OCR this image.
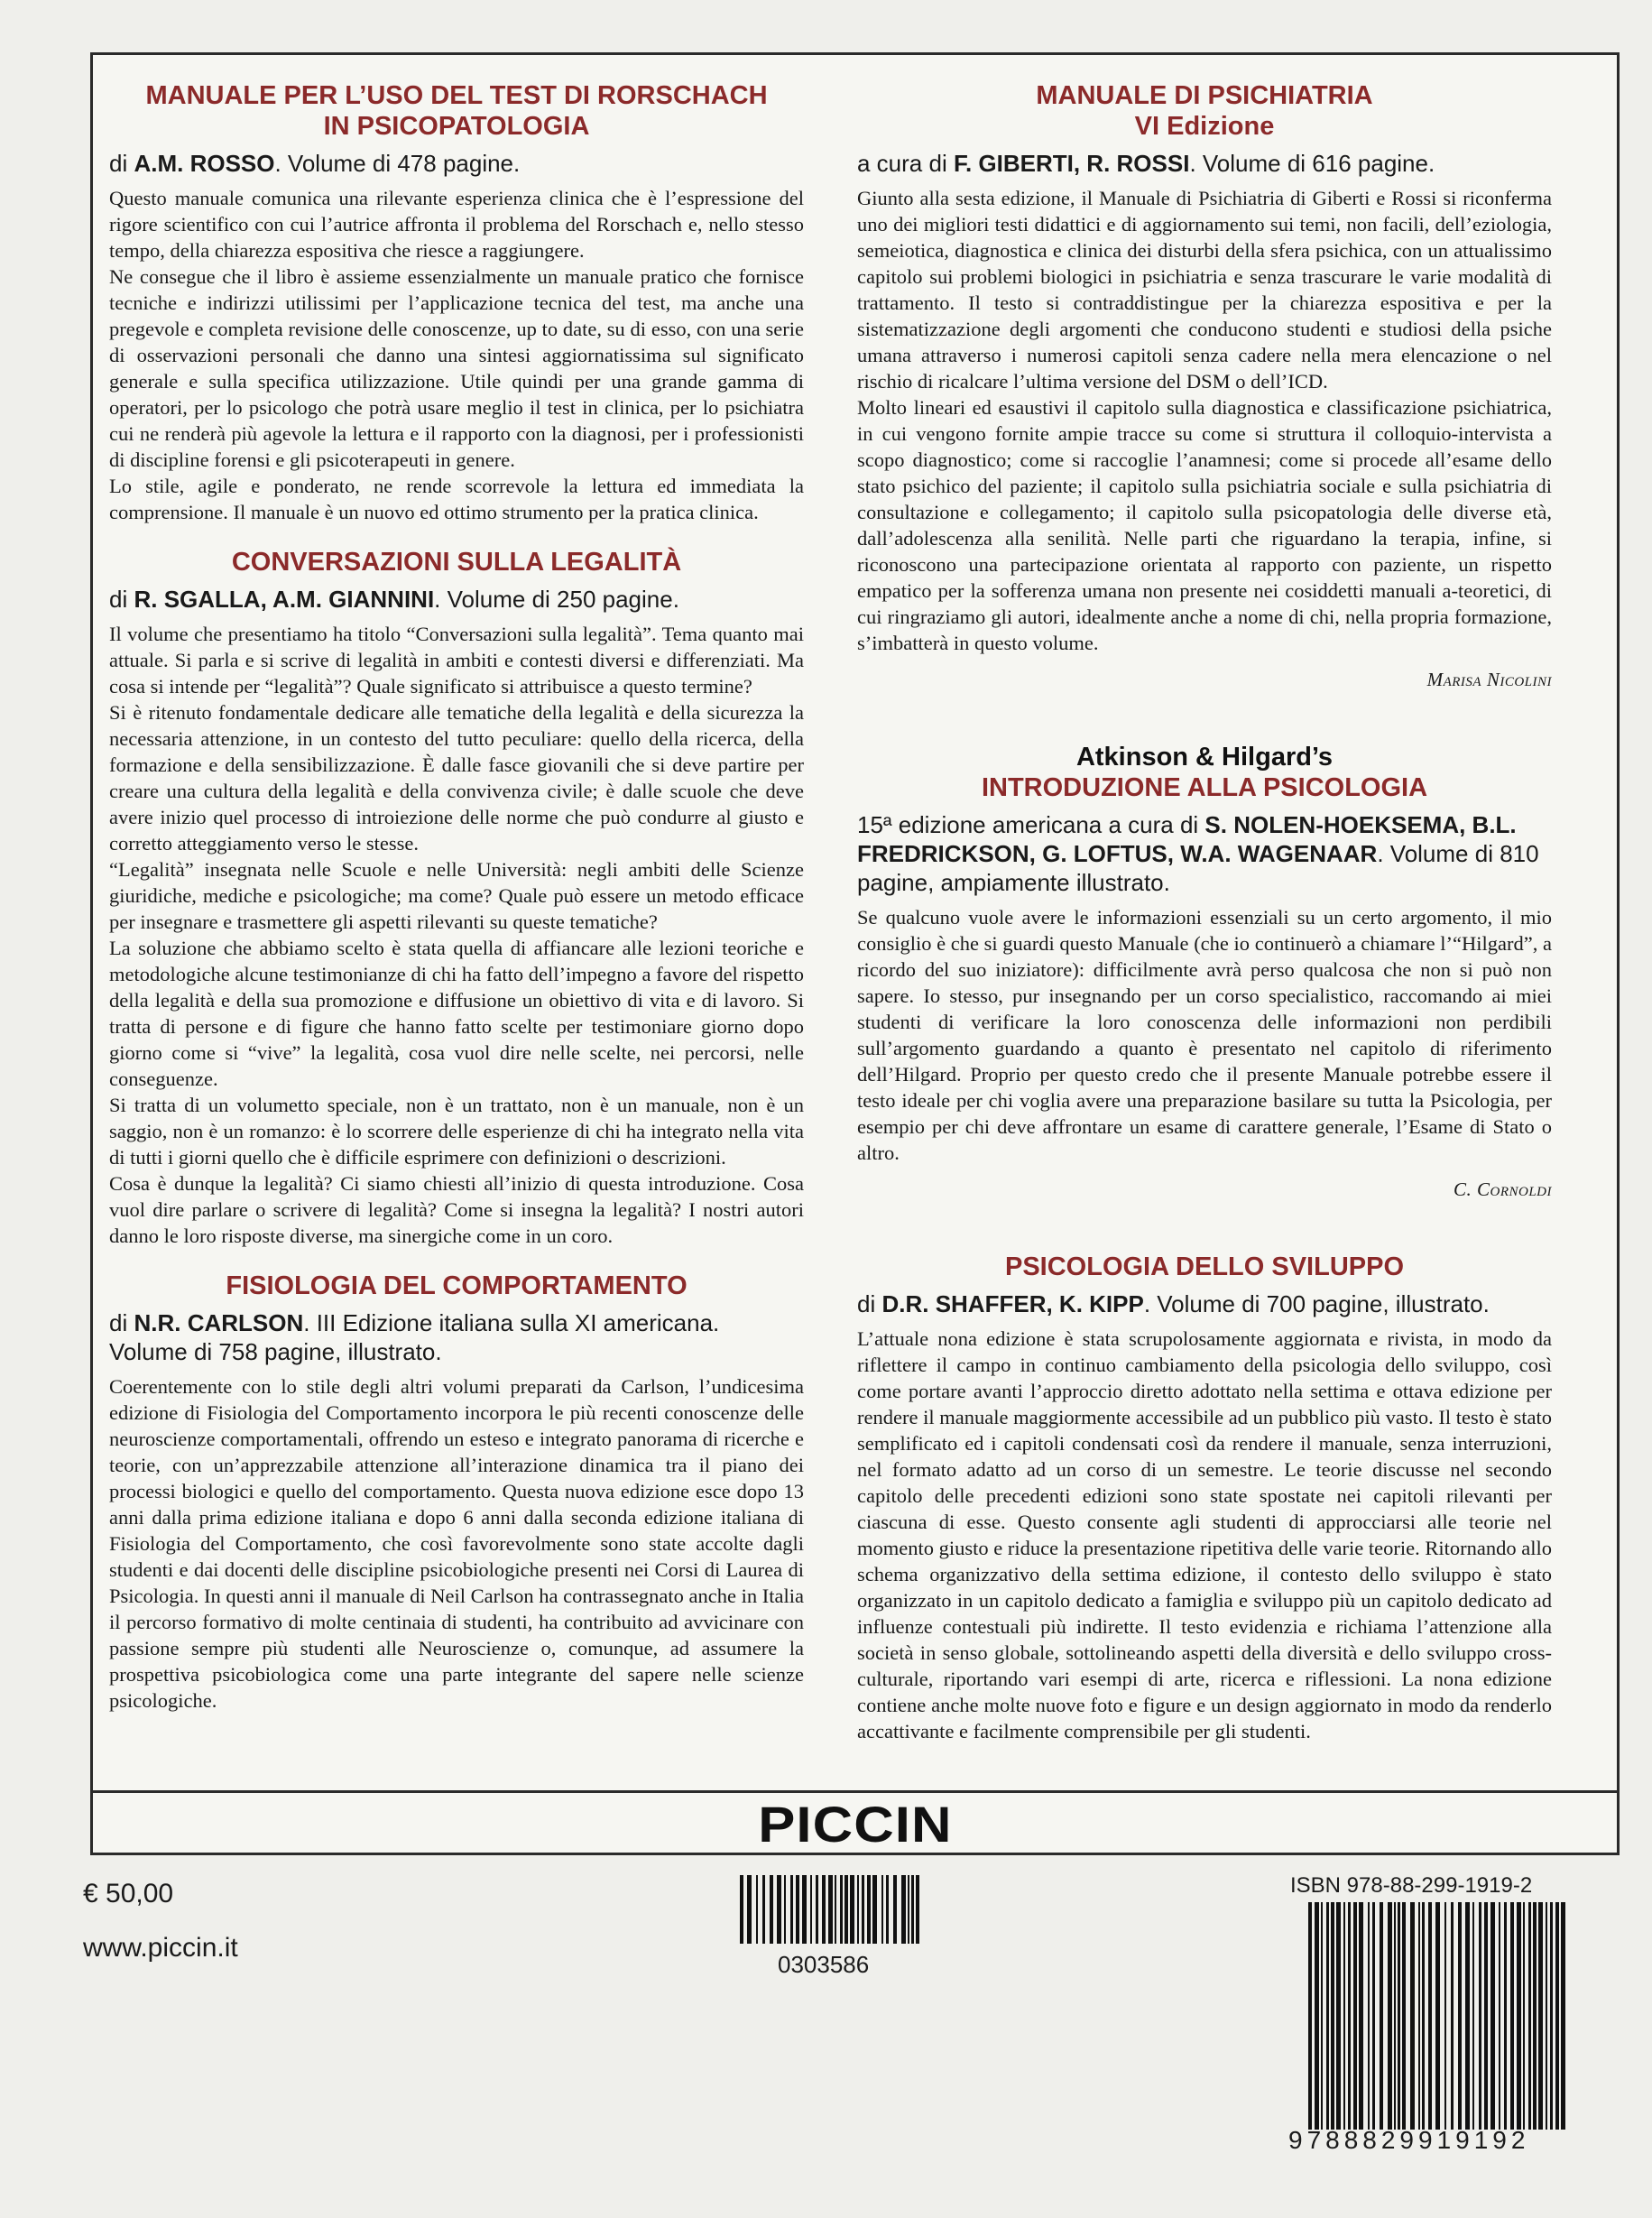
MANUALE PER L’USO DEL TEST DI RORSCHACH
IN PSICOPATOLOGIA
di A.M. ROSSO. Volume di 478 pagine.

Questo manuale comunica una rilevante esperienza clinica che è l’espressione del rigore scientifico con cui l’autrice affronta il problema del Rorschach e, nello stesso tempo, della chiarezza espositiva che riesce a raggiungere.

Ne consegue che il libro è assieme essenzialmente un manuale pratico che fornisce tecniche e indirizzi utilissimi per l’applicazione tecnica del test, ma anche una pregevole e completa revisione delle conoscenze, up to date, su di esso, con una serie di osservazioni personali che danno una sintesi aggiornatissima sul significato generale e sulla specifica utilizzazione. Utile quindi per una grande gamma di operatori, per lo psicologo che potrà usare meglio il test in clinica, per lo psichiatra cui ne renderà più agevole la lettura e il rapporto con la diagnosi, per i professionisti di discipline forensi e gli psicoterapeuti in genere.

Lo stile, agile e ponderato, ne rende scorrevole la lettura ed immediata la comprensione. Il manuale è un nuovo ed ottimo strumento per la pratica clinica.

CONVERSAZIONI SULLA LEGALITÀ
di R. SGALLA, A.M. GIANNINI. Volume di 250 pagine.

Il volume che presentiamo ha titolo “Conversazioni sulla legalità”. Tema quanto mai attuale. Si parla e si scrive di legalità in ambiti e contesti diversi e differenziati. Ma cosa si intende per “legalità”? Quale significato si attribuisce a questo termine?

Si è ritenuto fondamentale dedicare alle tematiche della legalità e della sicurezza la necessaria attenzione, in un contesto del tutto peculiare: quello della ricerca, della formazione e della sensibilizzazione. È dalle fasce giovanili che si deve partire per creare una cultura della legalità e della convivenza civile; è dalle scuole che deve avere inizio quel processo di introiezione delle norme che può condurre al giusto e corretto atteggiamento verso le stesse.

“Legalità” insegnata nelle Scuole e nelle Università: negli ambiti delle Scienze giuridiche, mediche e psicologiche; ma come? Quale può essere un metodo efficace per insegnare e trasmettere gli aspetti rilevanti su queste tematiche?

La soluzione che abbiamo scelto è stata quella di affiancare alle lezioni teoriche e metodologiche alcune testimonianze di chi ha fatto dell’impegno a favore del rispetto della legalità e della sua promozione e diffusione un obiettivo di vita e di lavoro. Si tratta di persone e di figure che hanno fatto scelte per testimoniare giorno dopo giorno come si “vive” la legalità, cosa vuol dire nelle scelte, nei percorsi, nelle conseguenze.

Si tratta di un volumetto speciale, non è un trattato, non è un manuale, non è un saggio, non è un romanzo: è lo scorrere delle esperienze di chi ha integrato nella vita di tutti i giorni quello che è difficile esprimere con definizioni o descrizioni.

Cosa è dunque la legalità? Ci siamo chiesti all’inizio di questa introduzione. Cosa vuol dire parlare o scrivere di legalità? Come si insegna la legalità? I nostri autori danno le loro risposte diverse, ma sinergiche come in un coro.

FISIOLOGIA DEL COMPORTAMENTO
di N.R. CARLSON. III Edizione italiana sulla XI americana. Volume di 758 pagine, illustrato.

Coerentemente con lo stile degli altri volumi preparati da Carlson, l’undicesima edizione di Fisiologia del Comportamento incorpora le più recenti conoscenze delle neuroscienze comportamentali, offrendo un esteso e integrato panorama di ricerche e teorie, con un’apprezzabile attenzione all’interazione dinamica tra il piano dei processi biologici e quello del comportamento. Questa nuova edizione esce dopo 13 anni dalla prima edizione italiana e dopo 6 anni dalla seconda edizione italiana di Fisiologia del Comportamento, che così favorevolmente sono state accolte dagli studenti e dai docenti delle discipline psicobiologiche presenti nei Corsi di Laurea di Psicologia. In questi anni il manuale di Neil Carlson ha contrassegnato anche in Italia il percorso formativo di molte centinaia di studenti, ha contribuito ad avvicinare con passione sempre più studenti alle Neuroscienze o, comunque, ad assumere la prospettiva psicobiologica come una parte integrante del sapere nelle scienze psicologiche.

MANUALE DI PSICHIATRIA
VI Edizione
a cura di F. GIBERTI, R. ROSSI. Volume di 616 pagine.

Giunto alla sesta edizione, il Manuale di Psichiatria di Giberti e Rossi si riconferma uno dei migliori testi didattici e di aggiornamento sui temi, non facili, dell’eziologia, semeiotica, diagnostica e clinica dei disturbi della sfera psichica, con un attualissimo capitolo sui problemi biologici in psichiatria e senza trascurare le varie modalità di trattamento. Il testo si contraddistingue per la chiarezza espositiva e per la sistematizzazione degli argomenti che conducono studenti e studiosi della psiche umana attraverso i numerosi capitoli senza cadere nella mera elencazione o nel rischio di ricalcare l’ultima versione del DSM o dell’ICD.

Molto lineari ed esaustivi il capitolo sulla diagnostica e classificazione psichiatrica, in cui vengono fornite ampie tracce su come si struttura il colloquio-intervista a scopo diagnostico; come si raccoglie l’anamnesi; come si procede all’esame dello stato psichico del paziente; il capitolo sulla psichiatria sociale e sulla psichiatria di consultazione e collegamento; il capitolo sulla psicopatologia delle diverse età, dall’adolescenza alla senilità. Nelle parti che riguardano la terapia, infine, si riconoscono una partecipazione orientata al rapporto con paziente, un rispetto empatico per la sofferenza umana non presente nei cosiddetti manuali a-teoretici, di cui ringraziamo gli autori, idealmente anche a nome di chi, nella propria formazione, s’imbatterà in questo volume.

Marisa Nicolini
Atkinson & Hilgard’s
INTRODUZIONE ALLA PSICOLOGIA
15ª edizione americana a cura di S. NOLEN-HOEKSEMA, B.L. FREDRICKSON, G. LOFTUS, W.A. WAGENAAR. Volume di 810 pagine, ampiamente illustrato.

Se qualcuno vuole avere le informazioni essenziali su un certo argomento, il mio consiglio è che si guardi questo Manuale (che io continuerò a chiamare l’“Hilgard”, a ricordo del suo iniziatore): difficilmente avrà perso qualcosa che non si può non sapere. Io stesso, pur insegnando per un corso specialistico, raccomando ai miei studenti di verificare la loro conoscenza delle informazioni non perdibili sull’argomento guardando a quanto è presentato nel capitolo di riferimento dell’Hilgard. Proprio per questo credo che il presente Manuale potrebbe essere il testo ideale per chi voglia avere una preparazione basilare su tutta la Psicologia, per esempio per chi deve affrontare un esame di carattere generale, l’Esame di Stato o altro.

C. Cornoldi
PSICOLOGIA DELLO SVILUPPO
di D.R. SHAFFER, K. KIPP. Volume di 700 pagine, illustrato.

L’attuale nona edizione è stata scrupolosamente aggiornata e rivista, in modo da riflettere il campo in continuo cambiamento della psicologia dello sviluppo, così come portare avanti l’approccio diretto adottato nella settima e ottava edizione per rendere il manuale maggiormente accessibile ad un pubblico più vasto. Il testo è stato semplificato ed i capitoli condensati così da rendere il manuale, senza interruzioni, nel formato adatto ad un corso di un semestre. Le teorie discusse nel secondo capitolo delle precedenti edizioni sono state spostate nei capitoli rilevanti per ciascuna di esse. Questo consente agli studenti di approcciarsi alle teorie nel momento giusto e riduce la presentazione ripetitiva delle varie teorie. Ritornando allo schema organizzativo della settima edizione, il contesto dello sviluppo è stato organizzato in un capitolo dedicato a famiglia e sviluppo più un capitolo dedicato ad influenze contestuali più indirette. Il testo evidenzia e richiama l’attenzione alla società in senso globale, sottolineando aspetti della diversità e dello sviluppo cross-culturale, riportando vari esempi di arte, ricerca e riflessioni. La nona edizione contiene anche molte nuove foto e figure e un design aggiornato in modo da renderlo accattivante e facilmente comprensibile per gli studenti.

PICCIN
€ 50,00
www.piccin.it
0303586
ISBN 978-88-299-1919-2
9788829919192
